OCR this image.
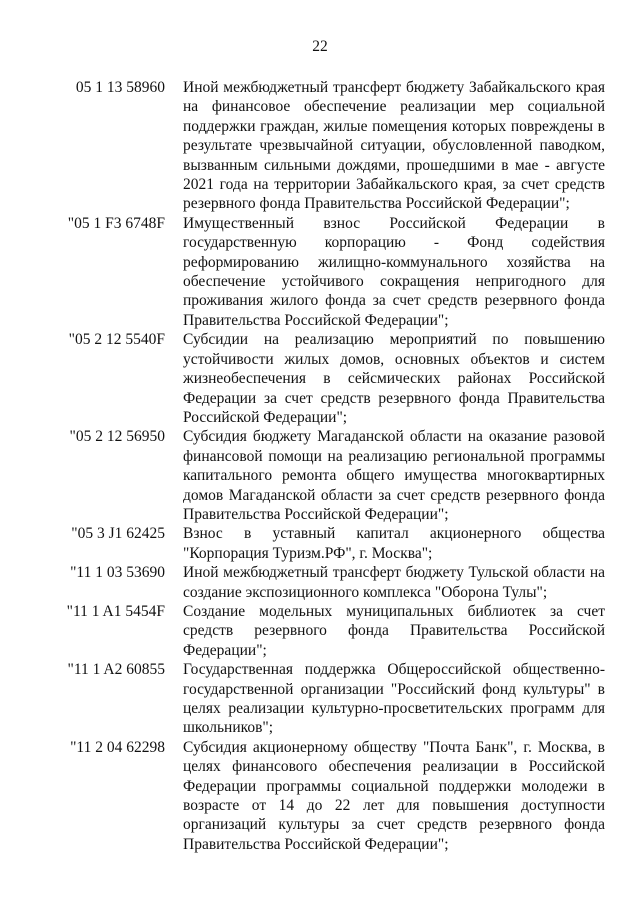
22
05 1 13 58960	Иной межбюджетный трансферт бюджету Забайкальского края на финансовое обеспечение реализации мер социальной поддержки граждан, жилые помещения которых повреждены в результате чрезвычайной ситуации, обусловленной паводком, вызванным сильными дождями, прошедшими в мае - августе 2021 года на территории Забайкальского края, за счет средств резервного фонда Правительства Российской Федерации";
"05 1 F3 6748F	Имущественный взнос Российской Федерации в государственную корпорацию - Фонд содействия реформированию жилищно-коммунального хозяйства на обеспечение устойчивого сокращения непригодного для проживания жилого фонда за счет средств резервного фонда Правительства Российской Федерации";
"05 2 12 5540F	Субсидии на реализацию мероприятий по повышению устойчивости жилых домов, основных объектов и систем жизнеобеспечения в сейсмических районах Российской Федерации за счет средств резервного фонда Правительства Российской Федерации";
"05 2 12 56950	Субсидия бюджету Магаданской области на оказание разовой финансовой помощи на реализацию региональной программы капитального ремонта общего имущества многоквартирных домов Магаданской области за счет средств резервного фонда Правительства Российской Федерации";
"05 3 J1 62425	Взнос в уставный капитал акционерного общества "Корпорация Туризм.РФ", г. Москва";
"11 1 03 53690	Иной межбюджетный трансферт бюджету Тульской области на создание экспозиционного комплекса "Оборона Тулы";
"11 1 A1 5454F	Создание модельных муниципальных библиотек за счет средств резервного фонда Правительства Российской Федерации";
"11 1 A2 60855	Государственная поддержка Общероссийской общественно-государственной организации "Российский фонд культуры" в целях реализации культурно-просветительских программ для школьников";
"11 2 04 62298	Субсидия акционерному обществу "Почта Банк", г. Москва, в целях финансового обеспечения реализации в Российской Федерации программы социальной поддержки молодежи в возрасте от 14 до 22 лет для повышения доступности организаций культуры за счет средств резервного фонда Правительства Российской Федерации";
